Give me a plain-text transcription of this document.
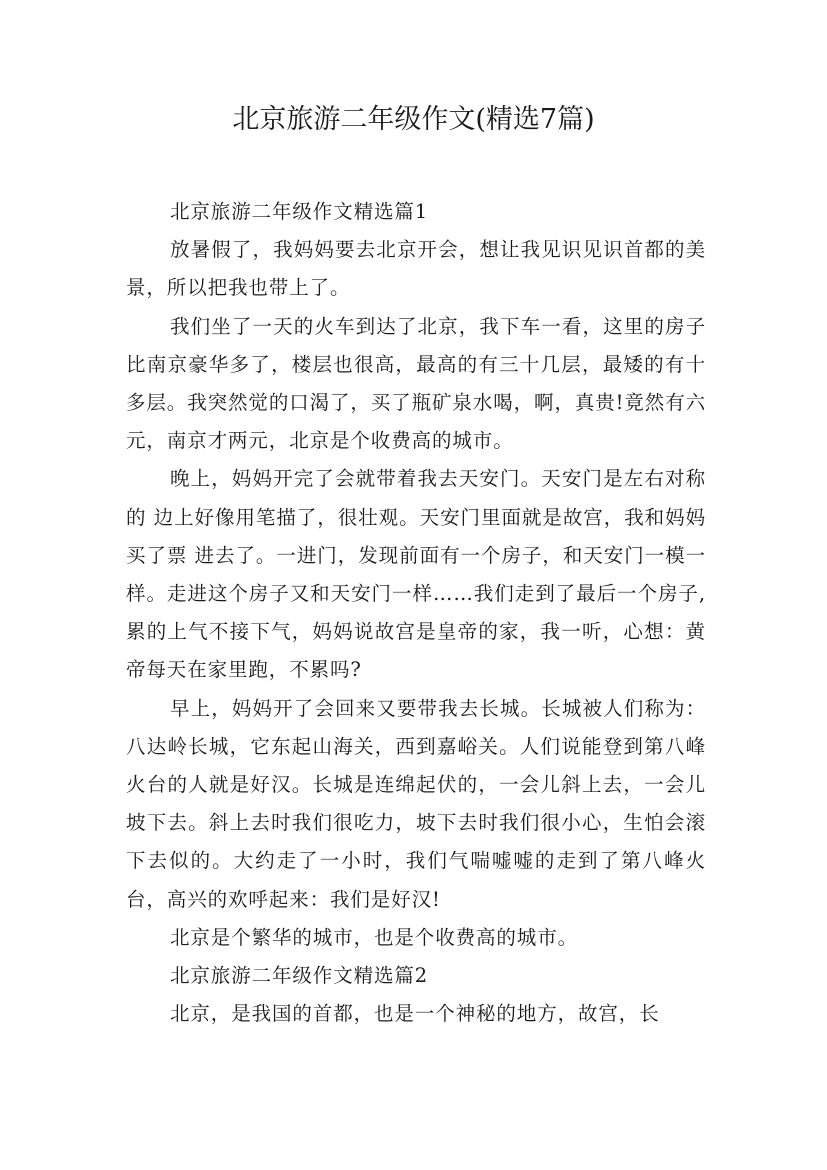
北京旅游二年级作文(精选7篇)

北京旅游二年级作文精选篇1

放暑假了，我妈妈要去北京开会，想让我见识见识首都的美景，所以把我也带上了。

我们坐了一天的火车到达了北京，我下车一看，这里的房子比南京豪华多了，楼层也很高，最高的有三十几层，最矮的有十多层。我突然觉的口渴了，买了瓶矿泉水喝，啊，真贵!竟然有六元，南京才两元，北京是个收费高的城市。

晚上，妈妈开完了会就带着我去天安门。天安门是左右对称的 边上好像用笔描了，很壮观。天安门里面就是故宫，我和妈妈买了票 进去了。一进门，发现前面有一个房子，和天安门一模一样。走进这个房子又和天安门一样……我们走到了最后一个房子,累的上气不接下气，妈妈说故宫是皇帝的家，我一听，心想：黄帝每天在家里跑，不累吗?

早上，妈妈开了会回来又要带我去长城。长城被人们称为：八达岭长城，它东起山海关，西到嘉峪关。人们说能登到第八峰火台的人就是好汉。长城是连绵起伏的，一会儿斜上去，一会儿坡下去。斜上去时我们很吃力，坡下去时我们很小心，生怕会滚下去似的。大约走了一小时，我们气喘嘘嘘的走到了第八峰火台，高兴的欢呼起来：我们是好汉!

北京是个繁华的城市，也是个收费高的城市。

北京旅游二年级作文精选篇2

北京，是我国的首都，也是一个神秘的地方，故宫，长
